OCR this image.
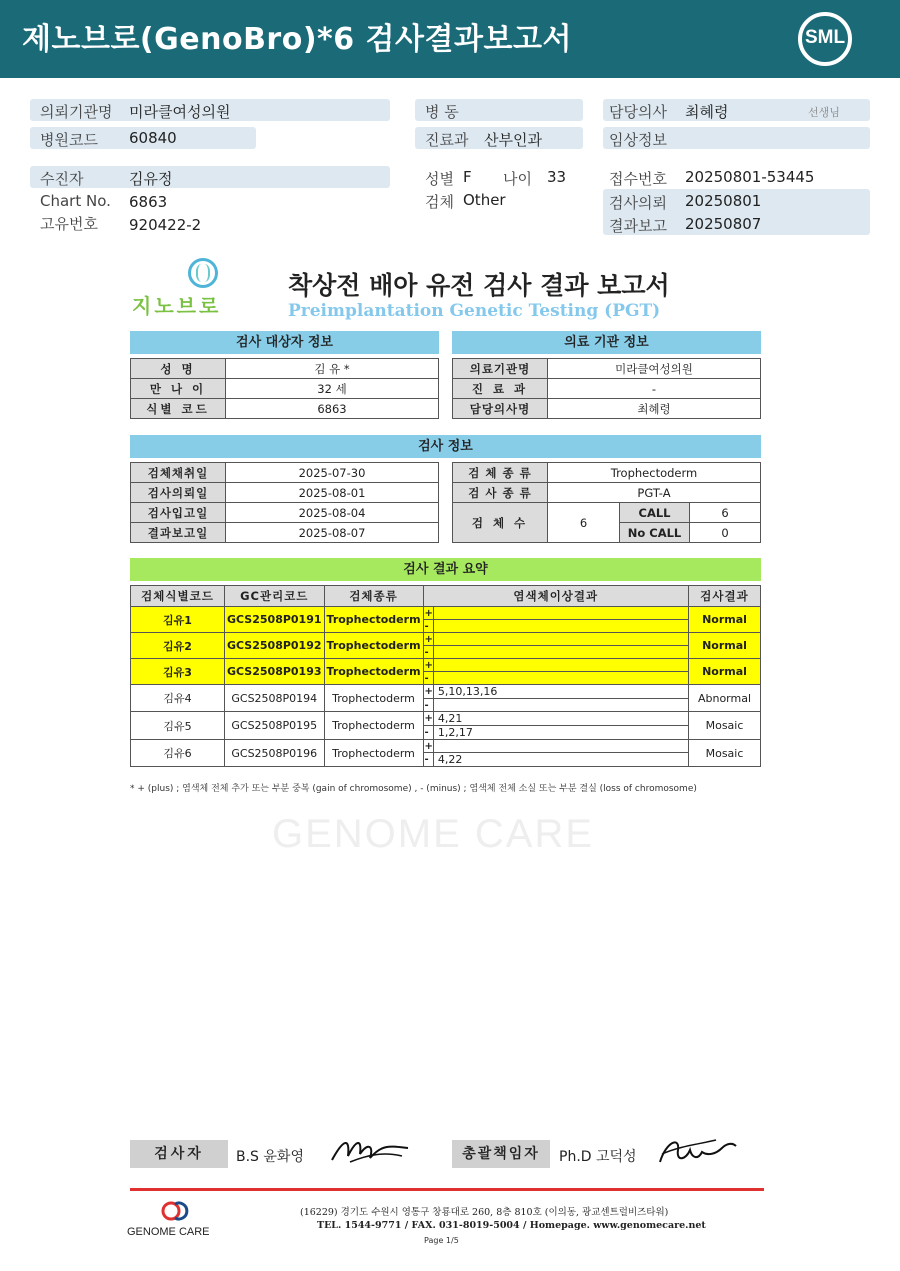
제노브로(GenoBro)*6 검사결과보고서	SML
의뢰기관명 미라클여성의원
병원코드 60840
수진자	김유정
Chart No. 6863
고유번호 920422-2
병 동
진료과 산부인과
성별 F 나이 33
검체 Other
담당의사 최혜령	선생님
임상정보
접수번호 20250801-53445
검사의뢰 20250801
결과보고 20250807
지노브로
착상전 배아 유전 검사 결과 보고서
Preimplantation Genetic Testing (PGT)
검사 대상자 정보	의료 기관 정보
성 명	김 유 *
만 나 이	32 세
식별 코드	6863
의료기관명	미라클여성의원
진 료 과	-
담당의사명	최혜령
검사 정보
검체채취일	2025-07-30
검사의뢰일	2025-08-01
검사입고일	2025-08-04
결과보고일	2025-08-07
검 체 종 류	Trophectoderm		
검 사 종 류	PGT-A		
검 체 수	6	CALL	6
		No CALL	0
검사 결과 요약
검체식별코드	GC관리코드	검체종류	염색체이상결과		검사결과
김유1	GCS2508P0191	Trophectoderm	+		Normal
			-		
김유2	GCS2508P0192	Trophectoderm	+		Normal
			-		
김유3	GCS2508P0193	Trophectoderm	+		Normal
			-		
김유4	GCS2508P0194	Trophectoderm	+	5,10,13,16	Abnormal
			-		
김유5	GCS2508P0195	Trophectoderm	+	4,21	Mosaic
			-	1,2,17	
김유6	GCS2508P0196	Trophectoderm	+		Mosaic
			-	4,22	
* + (plus) ; 염색체 전체 추가 또는 부분 중복 (gain of chromosome) , - (minus) ; 염색체 전체 소실 또는 부분 결실 (loss of chromosome)
GENOME CARE
검사자	B.S 윤화영	총괄책임자	Ph.D 고덕성
GENOME CARE
(16229) 경기도 수원시 영통구 창룡대로 260, 8층 810호 (이의동, 광교센트럴비즈타워)
TEL. 1544-9771 / FAX. 031-8019-5004 / Homepage. www.genomecare.net
Page 1/5
